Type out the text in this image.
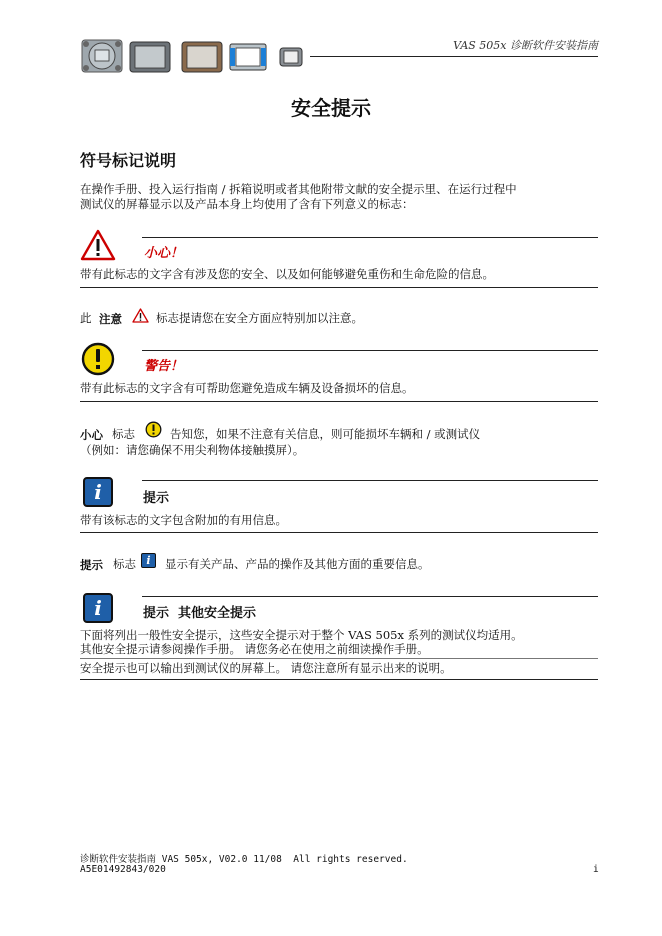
VAS 505x 诊断软件安装指南
安全提示
符号标记说明
在操作手册、投入运行指南 / 拆箱说明或者其他附带文献的安全提示里、在运行过程中
测试仪的屏幕显示以及产品本身上均使用了含有下列意义的标志：
小心！
带有此标志的文字含有涉及您的安全、以及如何能够避免重伤和生命危险的信息。
此 注意	标志提请您在安全方面应特别加以注意。
警告！
带有此标志的文字含有可帮助您避免造成车辆及设备损坏的信息。
小心 标志	告知您，如果不注意有关信息，则可能损坏车辆和 / 或测试仪
（例如：请您确保不用尖利物体接触摸屏）。
i	提示
带有该标志的文字包含附加的有用信息。
提示 标志 i	显示有关产品、产品的操作及其他方面的重要信息。
i	提示  其他安全提示
下面将列出一般性安全提示，这些安全提示对于整个 VAS 505x 系列的测试仪均适用。
其他安全提示请参阅操作手册。 请您务必在使用之前细读操作手册。
安全提示也可以输出到测试仪的屏幕上。 请您注意所有显示出来的说明。
诊断软件安装指南 VAS 505x, V02.0 11/08  All rights reserved.
A5E01492843/020	i
